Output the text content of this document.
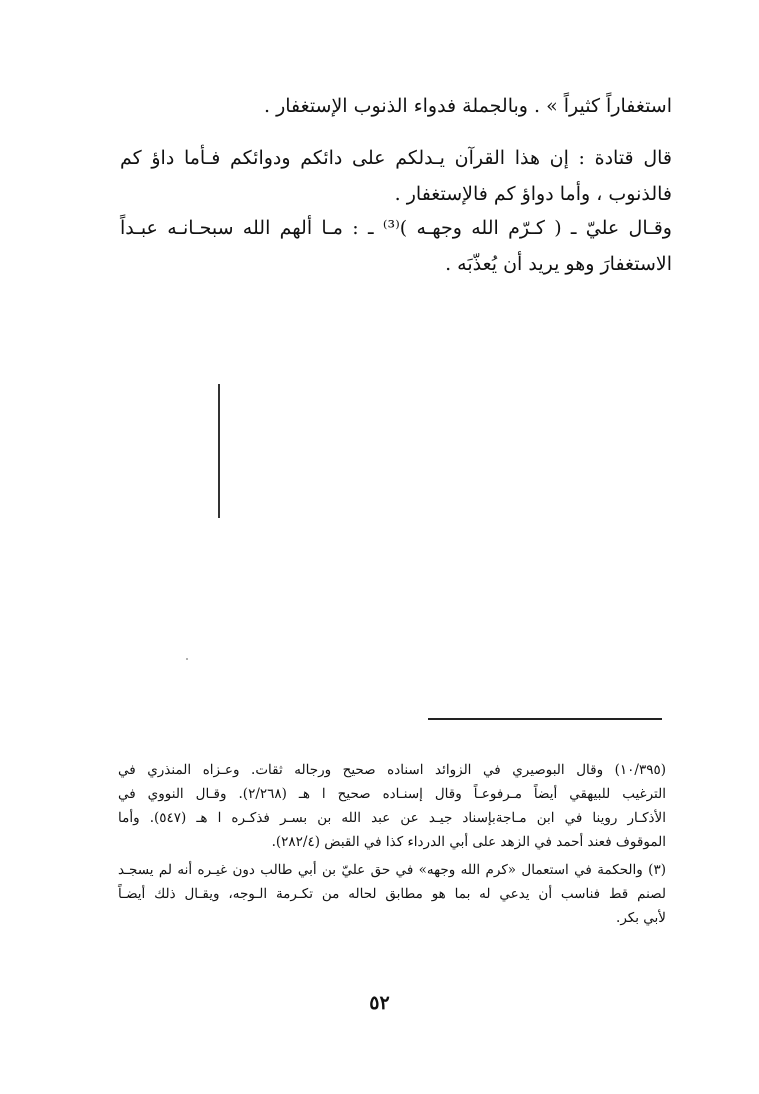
استغفاراً كثيراً » . وبالجملة فدواء الذنوب الإستغفار .
قال قتادة : إن هذا القرآن يـدلكم على دائكم ودوائكم فـأما داؤ كم
فالذنوب ، وأما دواؤ كم فالإستغفار .
وقـال عليّ ـ ( كـرّم الله وجهـه )⁽³⁾ ـ : مـا ألهم الله سبحـانـه عبـداً
الاستغفارَ وهو يريد أن يُعذّبَه .
(١٠/٣٩٥) وقال البوصيري في الزوائد اسناده صحيح ورجاله ثقات. وعـزاه المنذري في
الترغيب للبيهقي أيضاً مـرفوعـاً وقال إسنـاده صحيح ا هـ (٢/٢٦٨). وقـال النووي في
الأذكـار روينا في ابن مـاجةبإسناد جيـد عن عبد الله بن بسـر فذكـره ا هـ (٥٤٧). وأما
الموقوف فعند أحمد في الزهد على أبي الدرداء كذا في القبض (٢٨٢/٤).
(٣) والحكمة في استعمال «كرم الله وجهه» في حق عليّ بن أبي طالب دون غيـره أنه لم يسجـد
لصنم قط فناسب أن يدعي له بما هو مطابق لحاله من تكـرمة الـوجه، ويقـال ذلك أيضـاً
لأبي بكر.
٥٢
